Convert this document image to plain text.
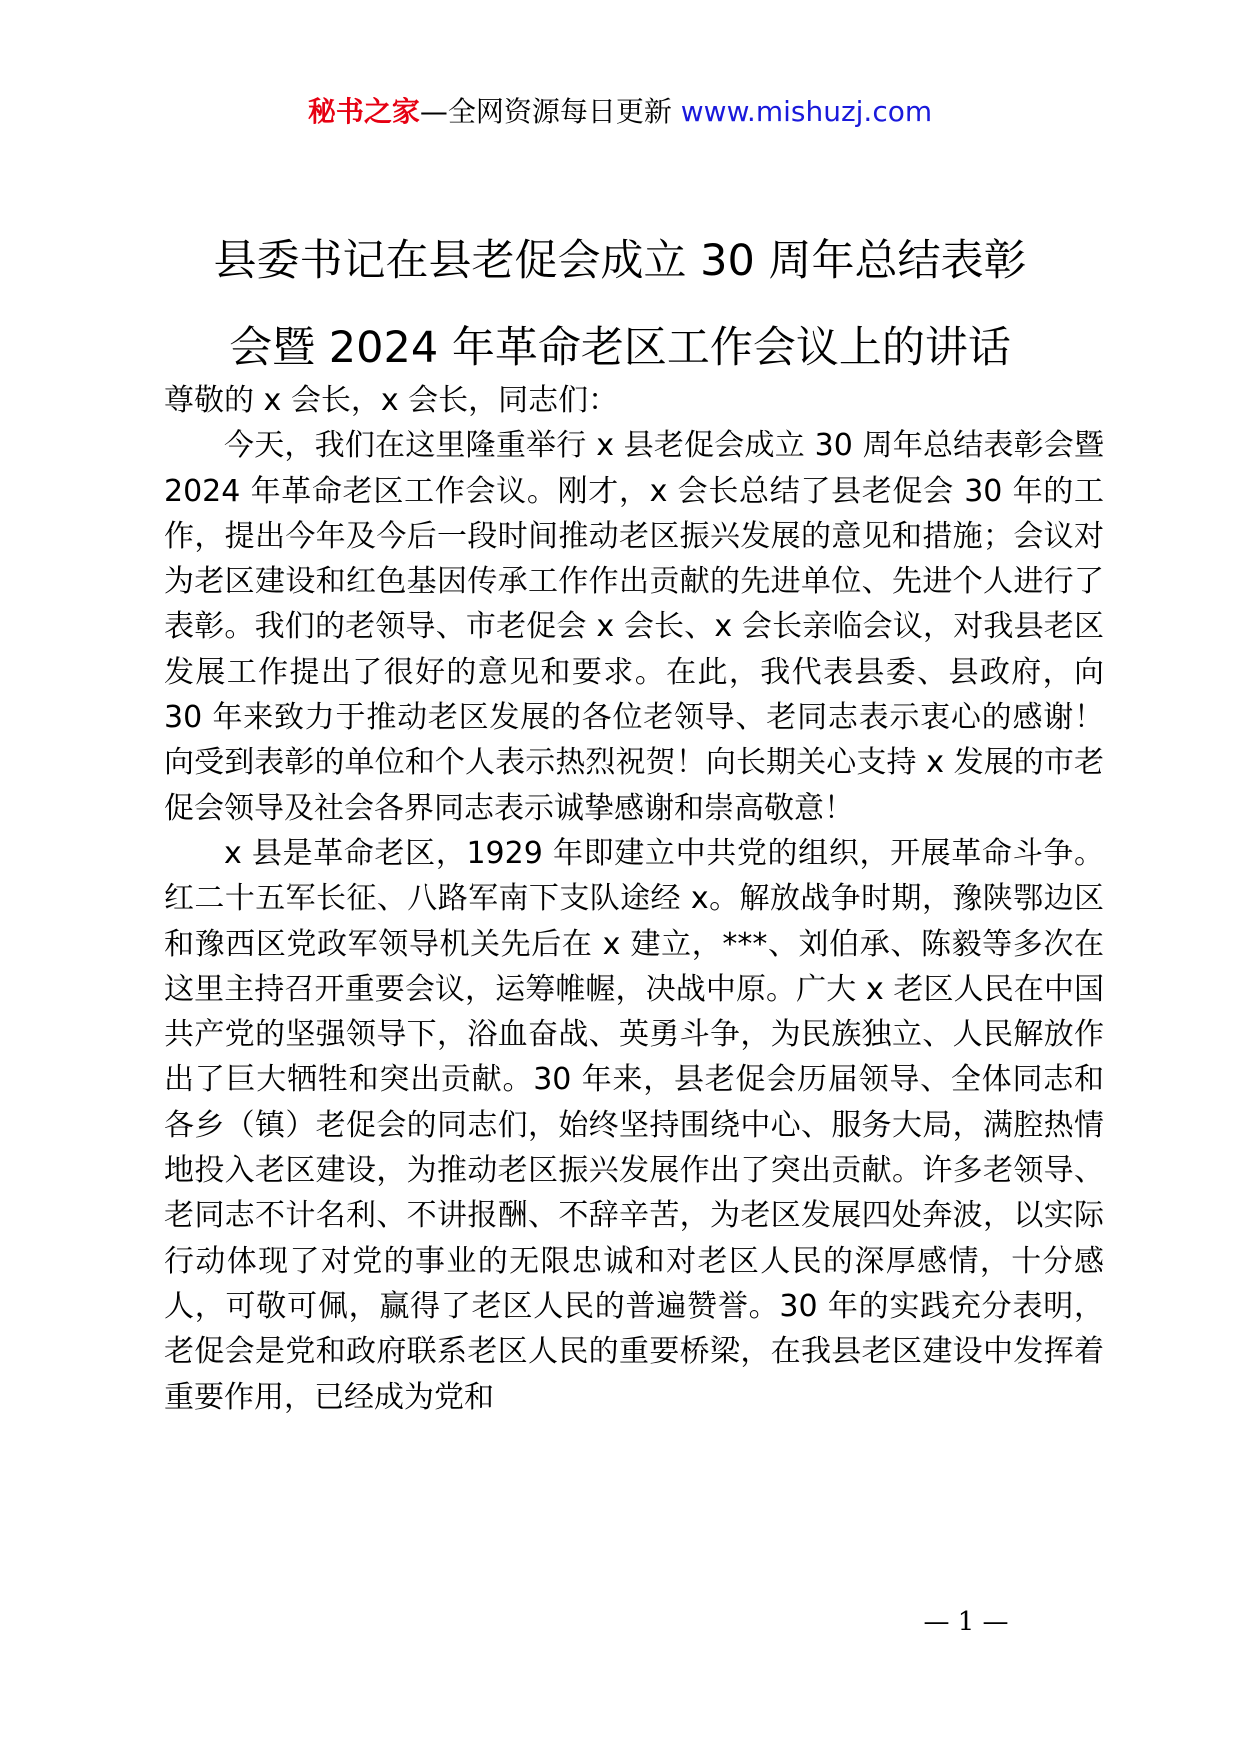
秘书之家—全网资源每日更新 www.mishuzj.com
县委书记在县老促会成立 30 周年总结表彰
会暨 2024 年革命老区工作会议上的讲话

尊敬的 x 会长，x 会长，同志们：

今天，我们在这里隆重举行 x 县老促会成立 30 周年总结表彰会暨 2024 年革命老区工作会议。刚才，x 会长总结了县老促会 30 年的工作，提出今年及今后一段时间推动老区振兴发展的意见和措施；会议对为老区建设和红色基因传承工作作出贡献的先进单位、先进个人进行了表彰。我们的老领导、市老促会 x 会长、x 会长亲临会议，对我县老区发展工作提出了很好的意见和要求。在此，我代表县委、县政府，向 30 年来致力于推动老区发展的各位老领导、老同志表示衷心的感谢！向受到表彰的单位和个人表示热烈祝贺！向长期关心支持 x 发展的市老促会领导及社会各界同志表示诚挚感谢和崇高敬意！

x 县是革命老区，1929 年即建立中共党的组织，开展革命斗争。红二十五军长征、八路军南下支队途经 x。解放战争时期，豫陕鄂边区和豫西区党政军领导机关先后在 x 建立，***、刘伯承、陈毅等多次在这里主持召开重要会议，运筹帷幄，决战中原。广大 x 老区人民在中国共产党的坚强领导下，浴血奋战、英勇斗争，为民族独立、人民解放作出了巨大牺牲和突出贡献。30 年来，县老促会历届领导、全体同志和各乡（镇）老促会的同志们，始终坚持围绕中心、服务大局，满腔热情地投入老区建设，为推动老区振兴发展作出了突出贡献。许多老领导、老同志不计名利、不讲报酬、不辞辛苦，为老区发展四处奔波，以实际行动体现了对党的事业的无限忠诚和对老区人民的深厚感情，十分感人，可敬可佩，赢得了老区人民的普遍赞誉。30 年的实践充分表明，老促会是党和政府联系老区人民的重要桥梁，在我县老区建设中发挥着重要作用，已经成为党和

— 1 —
